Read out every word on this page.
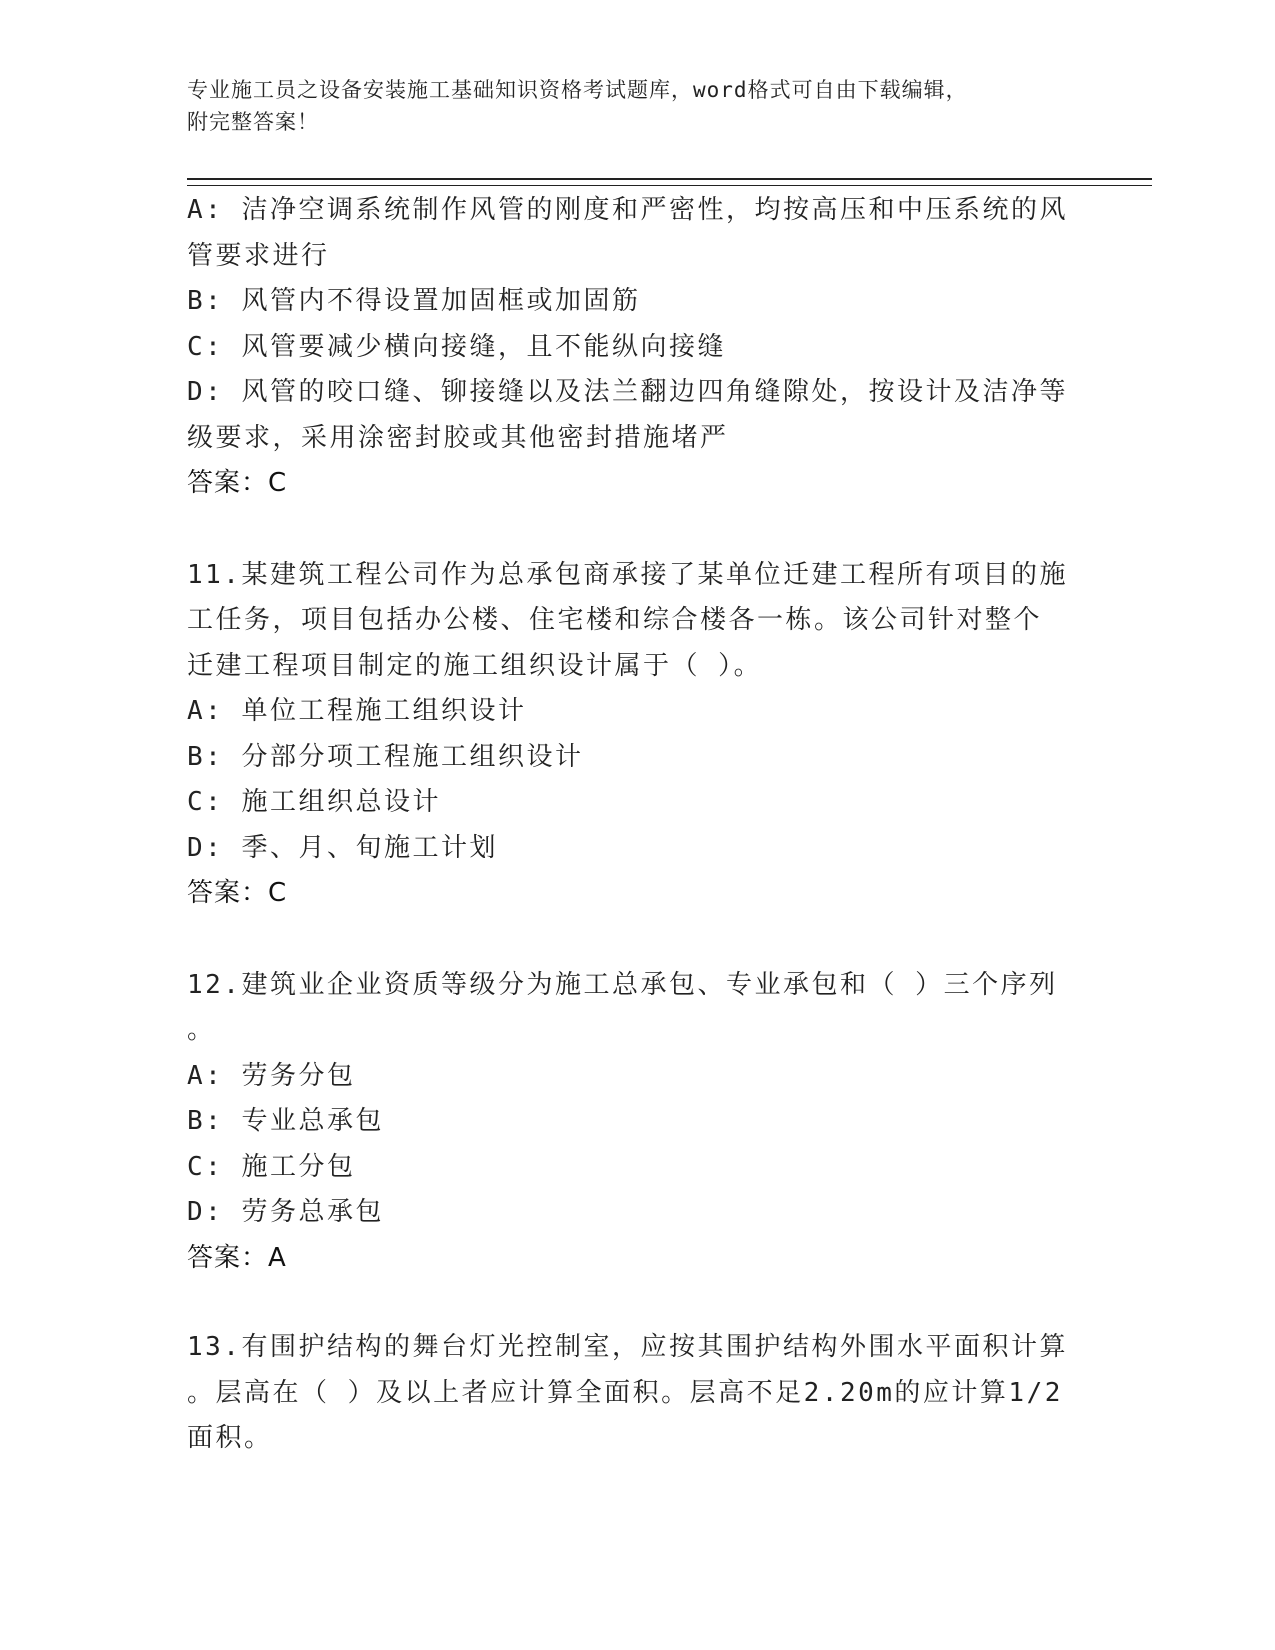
专业施工员之设备安装施工基础知识资格考试题库，word格式可自由下载编辑，
附完整答案！
A: 洁净空调系统制作风管的刚度和严密性，均按高压和中压系统的风
管要求进行
B: 风管内不得设置加固框或加固筋
C: 风管要减少横向接缝，且不能纵向接缝
D: 风管的咬口缝、铆接缝以及法兰翻边四角缝隙处，按设计及洁净等
级要求，采用涂密封胶或其他密封措施堵严
答案：C
11.某建筑工程公司作为总承包商承接了某单位迁建工程所有项目的施
工任务，项目包括办公楼、住宅楼和综合楼各一栋。该公司针对整个
迁建工程项目制定的施工组织设计属于（ ）。
A: 单位工程施工组织设计
B: 分部分项工程施工组织设计
C: 施工组织总设计
D: 季、月、旬施工计划
答案：C
12.建筑业企业资质等级分为施工总承包、专业承包和（ ）三个序列
。
A: 劳务分包
B: 专业总承包
C: 施工分包
D: 劳务总承包
答案：A
13.有围护结构的舞台灯光控制室，应按其围护结构外围水平面积计算
。层高在（ ）及以上者应计算全面积。层高不足2.20m的应计算1/2
面积。
